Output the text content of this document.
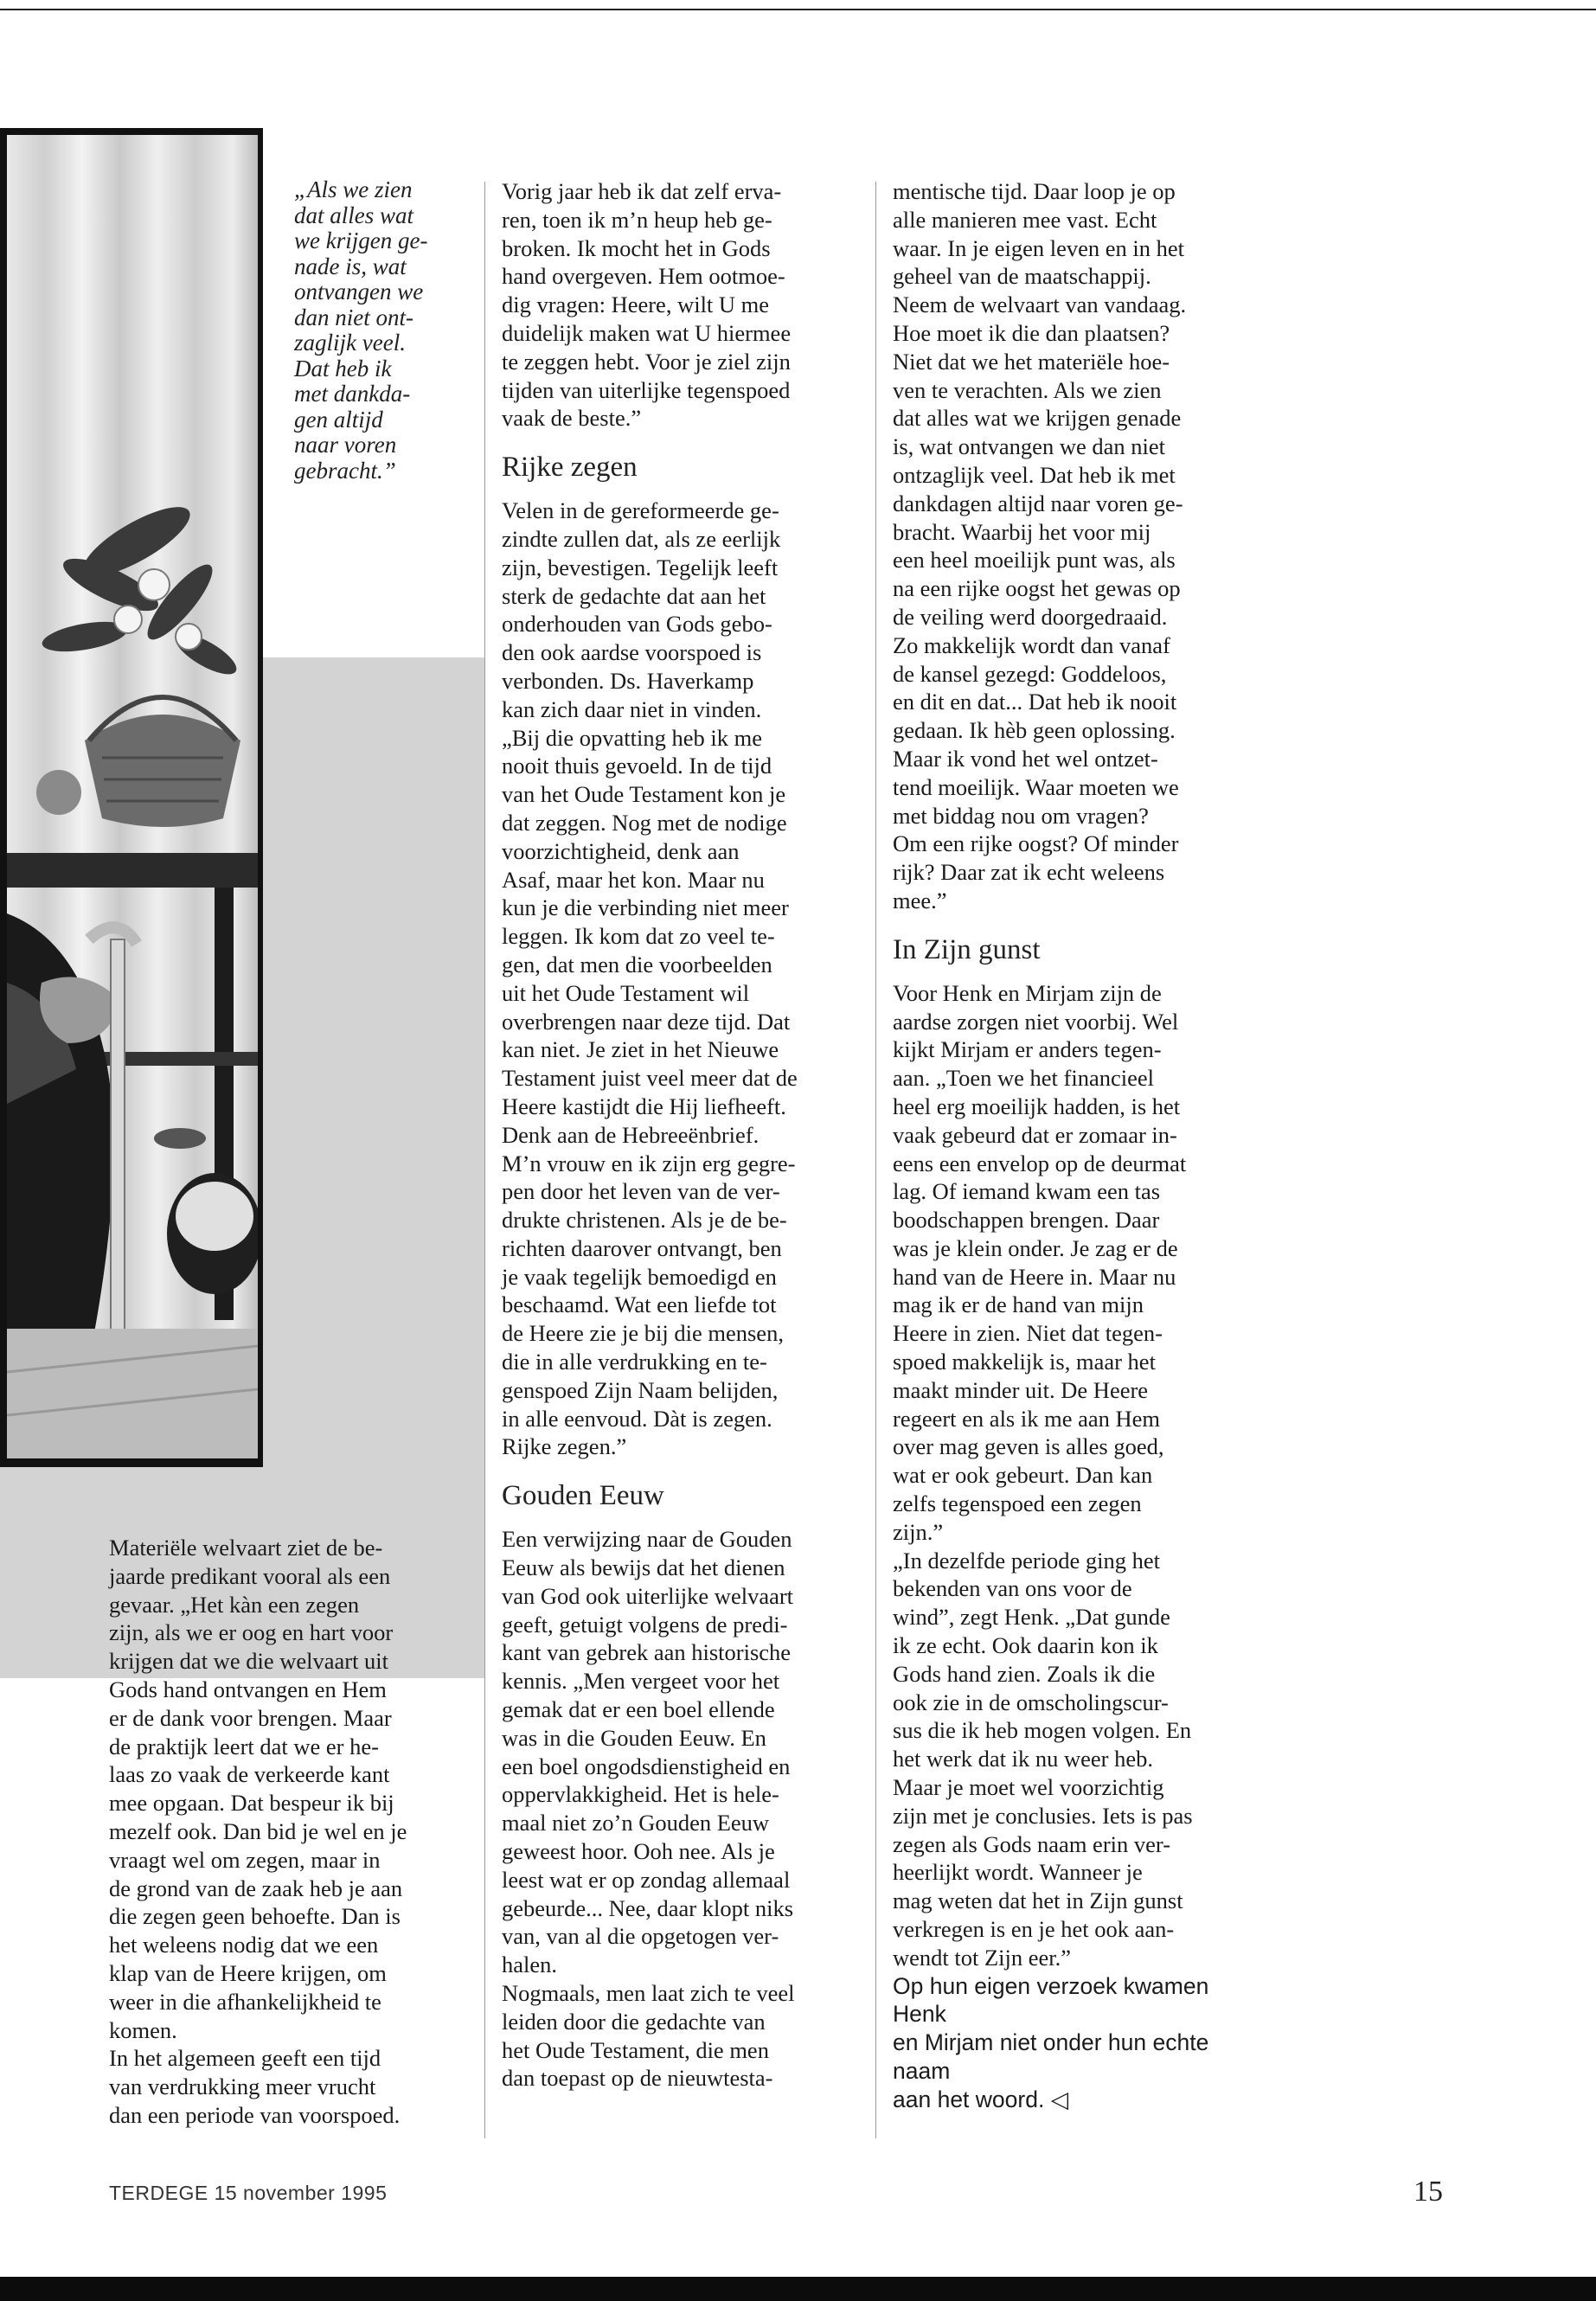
„Als we zien
dat alles wat
we krijgen ge-
nade is, wat
ontvangen we
dan niet ont-
zaglijk veel.
Dat heb ik
met dankda-
gen altijd
naar voren
gebracht.”

Materiële welvaart ziet de be-
jaarde predikant vooral als een
gevaar. „Het kàn een zegen
zijn, als we er oog en hart voor
krijgen dat we die welvaart uit
Gods hand ontvangen en Hem
er de dank voor brengen. Maar
de praktijk leert dat we er he-
laas zo vaak de verkeerde kant
mee opgaan. Dat bespeur ik bij
mezelf ook. Dan bid je wel en je
vraagt wel om zegen, maar in
de grond van de zaak heb je aan
die zegen geen behoefte. Dan is
het weleens nodig dat we een
klap van de Heere krijgen, om
weer in die afhankelijkheid te
komen.

In het algemeen geeft een tijd
van verdrukking meer vrucht
dan een periode van voorspoed.

Vorig jaar heb ik dat zelf erva-
ren, toen ik m’n heup heb ge-
broken. Ik mocht het in Gods
hand overgeven. Hem ootmoe-
dig vragen: Heere, wilt U me
duidelijk maken wat U hiermee
te zeggen hebt. Voor je ziel zijn
tijden van uiterlijke tegenspoed
vaak de beste.”

Rijke zegen

Velen in de gereformeerde ge-
zindte zullen dat, als ze eerlijk
zijn, bevestigen. Tegelijk leeft
sterk de gedachte dat aan het
onderhouden van Gods gebo-
den ook aardse voorspoed is
verbonden. Ds. Haverkamp
kan zich daar niet in vinden.
„Bij die opvatting heb ik me
nooit thuis gevoeld. In de tijd
van het Oude Testament kon je
dat zeggen. Nog met de nodige
voorzichtigheid, denk aan
Asaf, maar het kon. Maar nu
kun je die verbinding niet meer
leggen. Ik kom dat zo veel te-
gen, dat men die voorbeelden
uit het Oude Testament wil
overbrengen naar deze tijd. Dat
kan niet. Je ziet in het Nieuwe
Testament juist veel meer dat de
Heere kastijdt die Hij liefheeft.
Denk aan de Hebreeënbrief.

M’n vrouw en ik zijn erg gegre-
pen door het leven van de ver-
drukte christenen. Als je de be-
richten daarover ontvangt, ben
je vaak tegelijk bemoedigd en
beschaamd. Wat een liefde tot
de Heere zie je bij die mensen,
die in alle verdrukking en te-
genspoed Zijn Naam belijden,
in alle eenvoud. Dàt is zegen.
Rijke zegen.”

Gouden Eeuw

Een verwijzing naar de Gouden
Eeuw als bewijs dat het dienen
van God ook uiterlijke welvaart
geeft, getuigt volgens de predi-
kant van gebrek aan historische
kennis. „Men vergeet voor het
gemak dat er een boel ellende
was in die Gouden Eeuw. En
een boel ongodsdienstigheid en
oppervlakkigheid. Het is hele-
maal niet zo’n Gouden Eeuw
geweest hoor. Ooh nee. Als je
leest wat er op zondag allemaal
gebeurde... Nee, daar klopt niks
van, van al die opgetogen ver-
halen.

Nogmaals, men laat zich te veel
leiden door die gedachte van
het Oude Testament, die men
dan toepast op de nieuwtesta-

mentische tijd. Daar loop je op
alle manieren mee vast. Echt
waar. In je eigen leven en in het
geheel van de maatschappij.
Neem de welvaart van vandaag.
Hoe moet ik die dan plaatsen?
Niet dat we het materiële hoe-
ven te verachten. Als we zien
dat alles wat we krijgen genade
is, wat ontvangen we dan niet
ontzaglijk veel. Dat heb ik met
dankdagen altijd naar voren ge-
bracht. Waarbij het voor mij
een heel moeilijk punt was, als
na een rijke oogst het gewas op
de veiling werd doorgedraaid.
Zo makkelijk wordt dan vanaf
de kansel gezegd: Goddeloos,
en dit en dat... Dat heb ik nooit
gedaan. Ik hèb geen oplossing.
Maar ik vond het wel ontzet-
tend moeilijk. Waar moeten we
met biddag nou om vragen?
Om een rijke oogst? Of minder
rijk? Daar zat ik echt weleens
mee.”

In Zijn gunst

Voor Henk en Mirjam zijn de
aardse zorgen niet voorbij. Wel
kijkt Mirjam er anders tegen-
aan. „Toen we het financieel
heel erg moeilijk hadden, is het
vaak gebeurd dat er zomaar in-
eens een envelop op de deurmat
lag. Of iemand kwam een tas
boodschappen brengen. Daar
was je klein onder. Je zag er de
hand van de Heere in. Maar nu
mag ik er de hand van mijn
Heere in zien. Niet dat tegen-
spoed makkelijk is, maar het
maakt minder uit. De Heere
regeert en als ik me aan Hem
over mag geven is alles goed,
wat er ook gebeurt. Dan kan
zelfs tegenspoed een zegen
zijn.”

„In dezelfde periode ging het
bekenden van ons voor de
wind”, zegt Henk. „Dat gunde
ik ze echt. Ook daarin kon ik
Gods hand zien. Zoals ik die
ook zie in de omscholingscur-
sus die ik heb mogen volgen. En
het werk dat ik nu weer heb.
Maar je moet wel voorzichtig
zijn met je conclusies. Iets is pas
zegen als Gods naam erin ver-
heerlijkt wordt. Wanneer je
mag weten dat het in Zijn gunst
verkregen is en je het ook aan-
wendt tot Zijn eer.”

Op hun eigen verzoek kwamen Henk
en Mirjam niet onder hun echte naam
aan het woord. ◁

TERDEGE 15 november 1995	15
